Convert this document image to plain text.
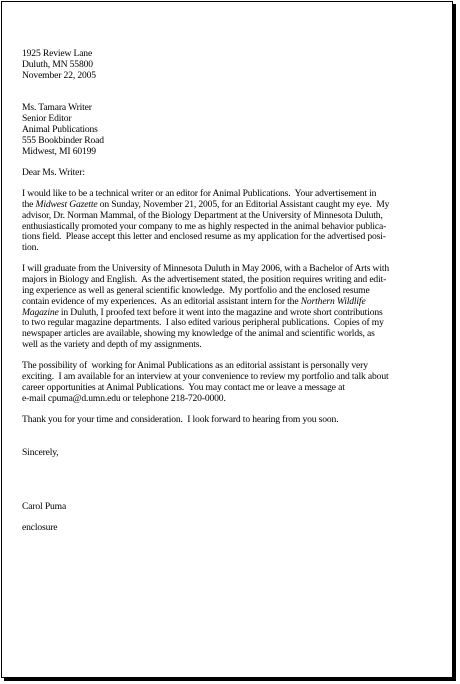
1925 Review Lane
Duluth, MN 55800
November 22, 2005
Ms. Tamara Writer
Senior Editor
Animal Publications
555 Bookbinder Road
Midwest, MI 60199
Dear Ms. Writer:
I would like to be a technical writer or an editor for Animal Publications.  Your advertisement in
the Midwest Gazette on Sunday, November 21, 2005, for an Editorial Assistant caught my eye.  My
advisor, Dr. Norman Mammal, of the Biology Department at the University of Minnesota Duluth,
enthusiastically promoted your company to me as highly respected in the animal behavior publica-
tions field.  Please accept this letter and enclosed resume as my application for the advertised posi-
tion.
I will graduate from the University of Minnesota Duluth in May 2006, with a Bachelor of Arts with
majors in Biology and English.  As the advertisement stated, the position requires writing and edit-
ing experience as well as general scientific knowledge.  My portfolio and the enclosed resume
contain evidence of my experiences.  As an editorial assistant intern for the Northern Wildlife
Magazine in Duluth, I proofed text before it went into the magazine and wrote short contributions
to two regular magazine departments.  I also edited various peripheral publications.  Copies of my
newspaper articles are available, showing my knowledge of the animal and scientific worlds, as
well as the variety and depth of my assignments.
The possibility of  working for Animal Publications as an editorial assistant is personally very
exciting.  I am available for an interview at your convenience to review my portfolio and talk about
career opportunities at Animal Publications.  You may contact me or leave a message at
e-mail cpuma@d.umn.edu or telephone 218-720-0000.
Thank you for your time and consideration.  I look forward to hearing from you soon.
Sincerely,
Carol Puma
enclosure
